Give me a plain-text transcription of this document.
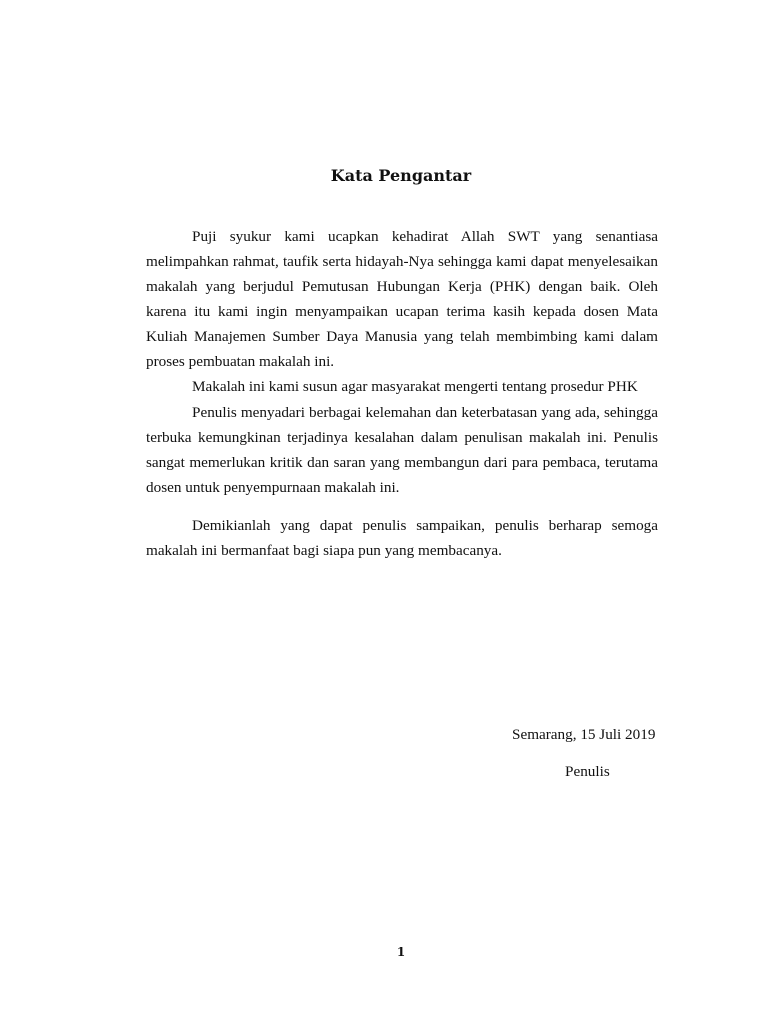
Kata Pengantar

Puji syukur kami ucapkan kehadirat Allah SWT yang senantiasa melimpahkan rahmat, taufik serta hidayah-Nya sehingga kami dapat menyelesaikan makalah yang berjudul Pemutusan Hubungan Kerja (PHK) dengan baik. Oleh karena itu kami ingin menyampaikan ucapan terima kasih kepada dosen Mata Kuliah Manajemen Sumber Daya Manusia yang telah membimbing kami dalam proses pembuatan makalah ini.

Makalah ini kami susun agar masyarakat mengerti tentang prosedur PHK

Penulis menyadari berbagai kelemahan dan keterbatasan yang ada, sehingga terbuka kemungkinan terjadinya kesalahan dalam penulisan makalah ini. Penulis sangat memerlukan kritik dan saran yang membangun dari para pembaca, terutama dosen untuk penyempurnaan makalah ini.

Demikianlah yang dapat penulis sampaikan, penulis berharap semoga makalah ini bermanfaat bagi siapa pun yang membacanya.

Semarang, 15 Juli 2019
Penulis
1
